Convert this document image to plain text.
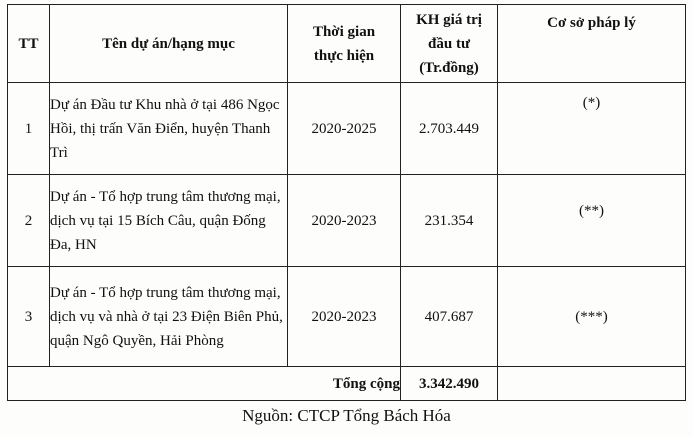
TT	Tên dự án/hạng mục	Thời gian thực hiện	KH giá trị đầu tư (Tr.đồng)	Cơ sở pháp lý
1	Dự án Đầu tư Khu nhà ở tại 486 Ngọc Hồi, thị trấn Văn Điển, huyện Thanh Trì	2020-2025	2.703.449	(*)
2	Dự án - Tổ hợp trung tâm thương mại, dịch vụ tại 15 Bích Câu, quận Đống Đa, HN	2020-2023	231.354	(**)
3	Dự án - Tổ hợp trung tâm thương mại, dịch vụ và nhà ở tại 23 Điện Biên Phủ, quận Ngô Quyền, Hải Phòng	2020-2023	407.687	(***)
Tổng cộng			3.342.490	
Nguồn: CTCP Tổng Bách Hóa
